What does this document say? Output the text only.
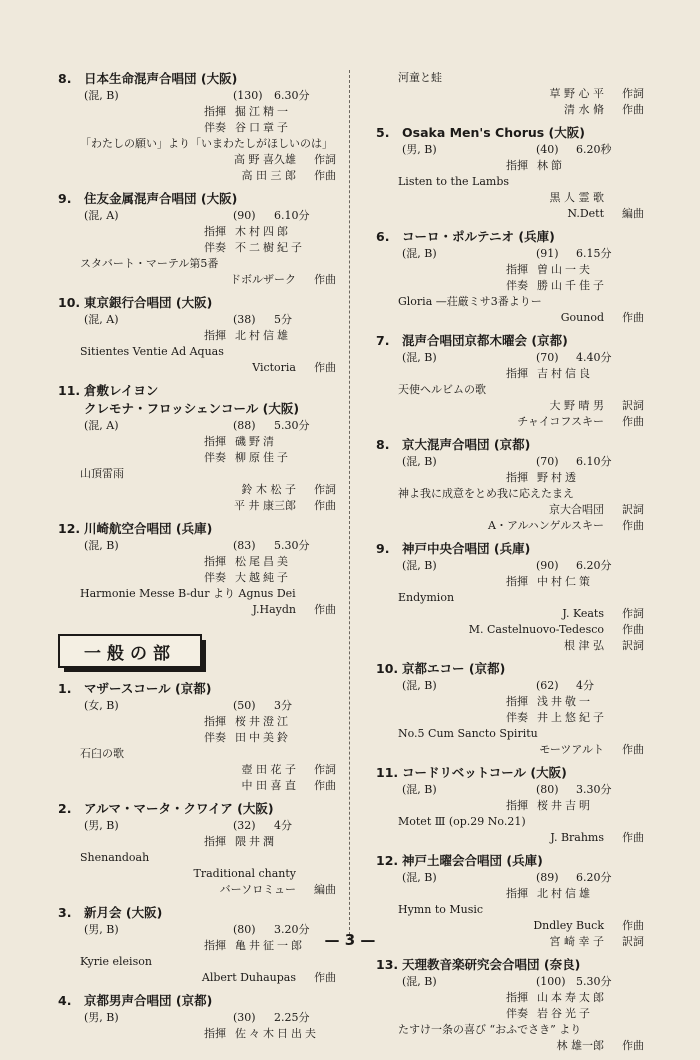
8. 日本生命混声合唱団 (大阪)
(混, B)	(130) 6.30分
指揮 掘江精一
伴奏 谷口章子
「わたしの願い」より「いまわたしがほしいのは」
高 野 喜久雄 作詞
高 田 三 郎 作曲
9. 住友金属混声合唱団 (大阪)
(混, A)	(90) 6.10分
指揮 木村四郎
伴奏 不二樹紀子
スタバート・マーテル第5番
ドボルザーク 作曲
10. 東京銀行合唱団 (大阪)
(混, A)	(38) 5分
指揮 北村信雄
Sitientes Ventie Ad Aquas
Victoria 作曲
11. 倉敷レイヨン
クレモナ・フロッシェンコール (大阪)
(混, A)	(88) 5.30分
指揮 磯野清
伴奏 柳原佳子
山頂雷雨
鈴 木 松 子 作詞
平 井 康三郎 作曲
12. 川崎航空合唱団 (兵庫)
(混, B)	(83) 5.30分
指揮 松尾昌美
伴奏 大越純子
Harmonie Messe B-dur より Agnus Dei
J.Haydn 作曲
一般の部
1. マザースコール (京都)
(女, B)	(50) 3分
指揮 桜井澄江
伴奏 田中美鈴
石臼の歌
壺 田 花 子 作詞
中 田 喜 直 作曲
2. アルマ・マータ・クワイア (大阪)
(男, B)	(32) 4分
指揮 隈井潤
Shenandoah
Traditional chanty
バーソロミュー 編曲
3. 新月会 (大阪)
(男, B)	(80) 3.20分
指揮 亀井征一郎
Kyrie eleison
Albert Duhaupas 作曲
4. 京都男声合唱団 (京都)
(男, B)	(30) 2.25分
指揮 佐々木日出夫
河童と蛙
草 野 心 平 作詞
清 水 脩 作曲
5. Osaka Men's Chorus (大阪)
(男, B)	(40) 6.20秒
指揮 林節
Listen to the Lambs
黒 人 霊 歌
N.Dett 編曲
6. コーロ・ポルテニオ (兵庫)
(混, B)	(91) 6.15分
指揮 曽山一夫
伴奏 勝山千佳子
Gloria —荘厳ミサ3番よりー
Gounod 作曲
7. 混声合唱団京都木曜会 (京都)
(混, B)	(70) 4.40分
指揮 吉村信良
天使ヘルビムの歌
大 野 晴 男 訳詞
チャイコフスキー 作曲
8. 京大混声合唱団 (京都)
(混, B)	(70) 6.10分
指揮 野村透
神よ我に成意をとめ我に応えたまえ
京大合唱団 訳詞
A・アルハンゲルスキー 作曲
9. 神戸中央合唱団 (兵庫)
(混, B)	(90) 6.20分
指揮 中村仁策
Endymion
J. Keats 作詞
M. Castelnuovo-Tedesco 作曲
根 津 弘 訳詞
10. 京都エコー (京都)
(混, B)	(62) 4分
指揮 浅井敬一
伴奏 井上悠紀子
No.5 Cum Sancto Spiritu
モーツアルト 作曲
11. コードリベットコール (大阪)
(混, B)	(80) 3.30分
指揮 桜井吉明
Motet Ⅲ (op.29 No.21)
J. Brahms 作曲
12. 神戸土曜会合唱団 (兵庫)
(混, B)	(89) 6.20分
指揮 北村信雄
Hymn to Music
Dndley Buck 作曲
宮 崎 幸 子 訳詞
13. 天理教音楽研究会合唱団 (奈良)
(混, B)	(100) 5.30分
指揮 山本寿太郎
伴奏 岩谷光子
たすけ一条の喜び “おふでさき” より
林 雄一郎 作曲
— 3 —
